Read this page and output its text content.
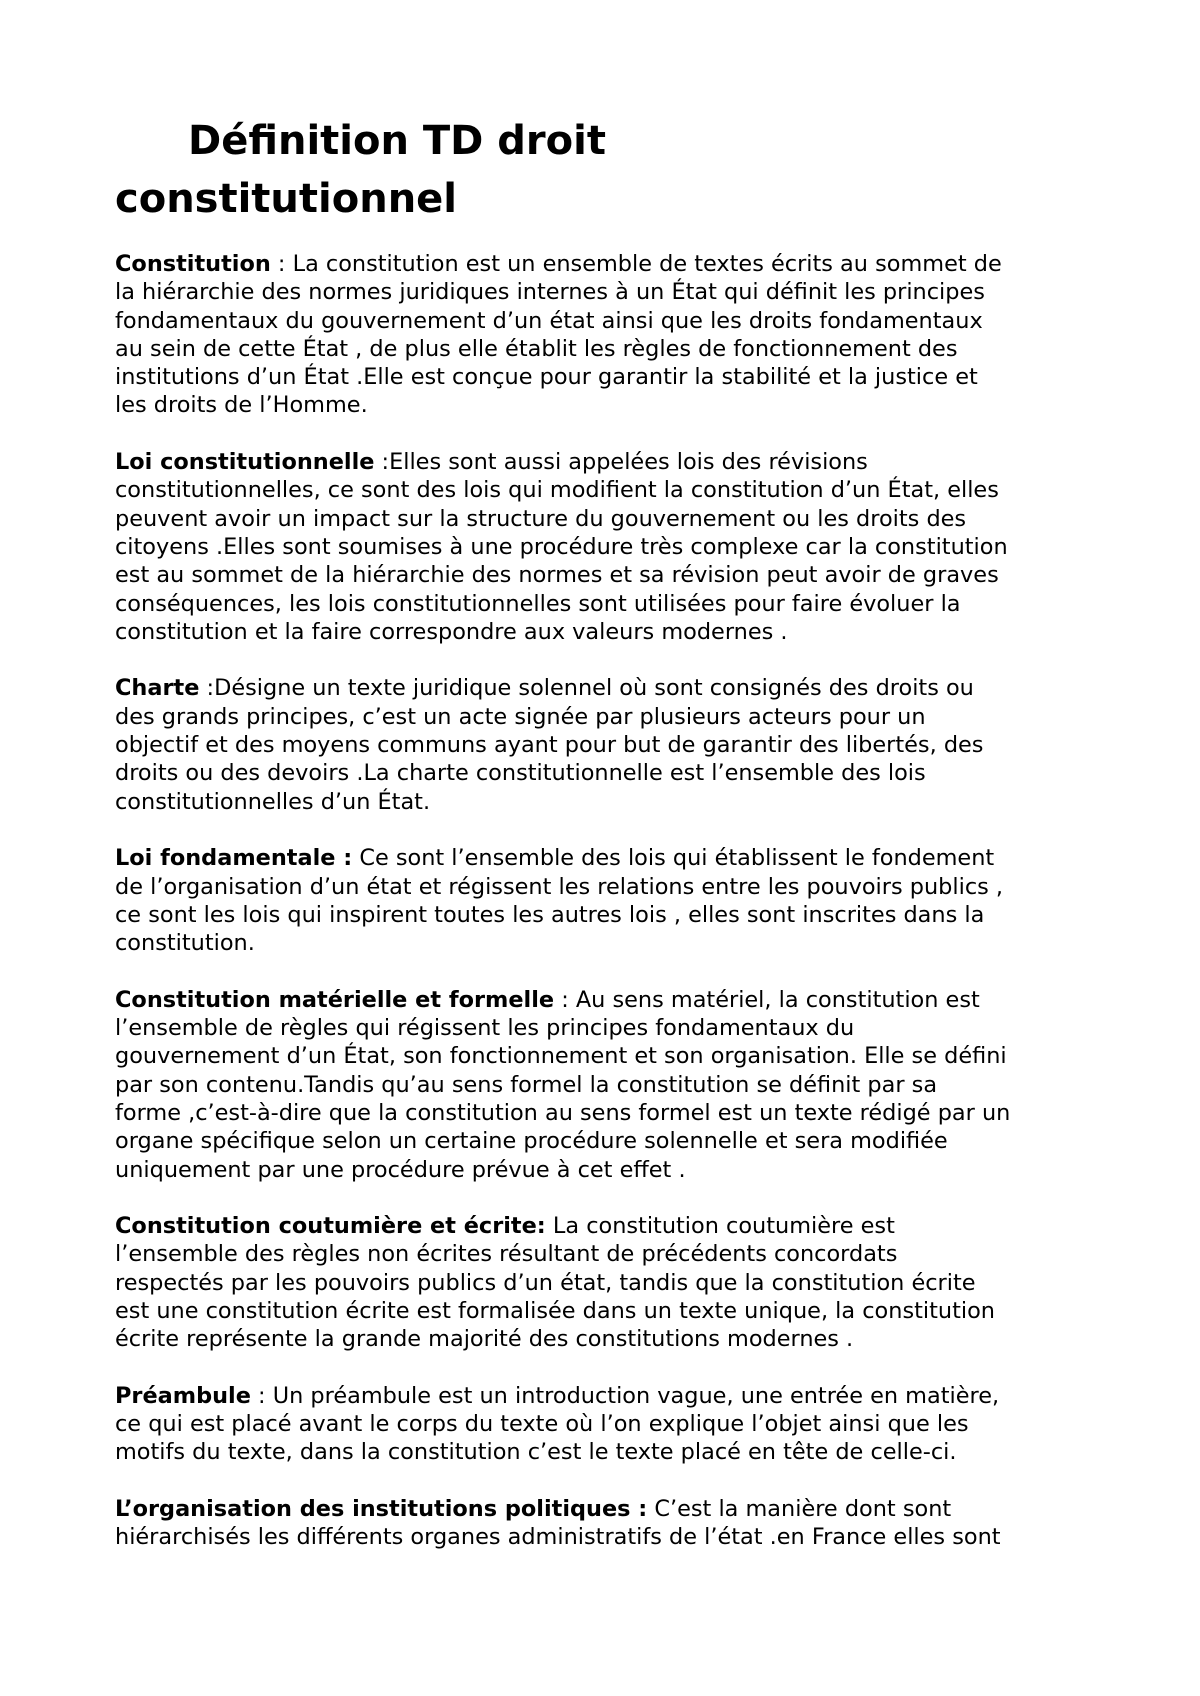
Définition TD droit
constitutionnel

Constitution : La constitution est un ensemble de textes écrits au sommet de
la hiérarchie des normes juridiques internes à un État qui définit les principes
fondamentaux du gouvernement d’un état ainsi que les droits fondamentaux
au sein de cette État , de plus elle établit les règles de fonctionnement des
institutions d’un État .Elle est conçue pour garantir la stabilité et la justice et
les droits de l’Homme.

Loi constitutionnelle :Elles sont aussi appelées lois des révisions
constitutionnelles, ce sont des lois qui modifient la constitution d’un État, elles
peuvent avoir un impact sur la structure du gouvernement ou les droits des
citoyens .Elles sont soumises à une procédure très complexe car la constitution
est au sommet de la hiérarchie des normes et sa révision peut avoir de graves
conséquences, les lois constitutionnelles sont utilisées pour faire évoluer la
constitution et la faire correspondre aux valeurs modernes .

Charte :Désigne un texte juridique solennel où sont consignés des droits ou
des grands principes, c’est un acte signée par plusieurs acteurs pour un
objectif et des moyens communs ayant pour but de garantir des libertés, des
droits ou des devoirs .La charte constitutionnelle est l’ensemble des lois
constitutionnelles d’un État.

Loi fondamentale : Ce sont l’ensemble des lois qui établissent le fondement
de l’organisation d’un état et régissent les relations entre les pouvoirs publics ,
ce sont les lois qui inspirent toutes les autres lois , elles sont inscrites dans la
constitution.

Constitution matérielle et formelle : Au sens matériel, la constitution est
l’ensemble de règles qui régissent les principes fondamentaux du
gouvernement d’un État, son fonctionnement et son organisation. Elle se défini
par son contenu.Tandis qu’au sens formel la constitution se définit par sa
forme ,c’est-à-dire que la constitution au sens formel est un texte rédigé par un
organe spécifique selon un certaine procédure solennelle et sera modifiée
uniquement par une procédure prévue à cet effet .

Constitution coutumière et écrite: La constitution coutumière est
l’ensemble des règles non écrites résultant de précédents concordats
respectés par les pouvoirs publics d’un état, tandis que la constitution écrite
est une constitution écrite est formalisée dans un texte unique, la constitution
écrite représente la grande majorité des constitutions modernes .

Préambule : Un préambule est un introduction vague, une entrée en matière,
ce qui est placé avant le corps du texte où l’on explique l’objet ainsi que les
motifs du texte, dans la constitution c’est le texte placé en tête de celle-ci.

L’organisation des institutions politiques : C’est la manière dont sont
hiérarchisés les différents organes administratifs de l’état .en France elles sont
